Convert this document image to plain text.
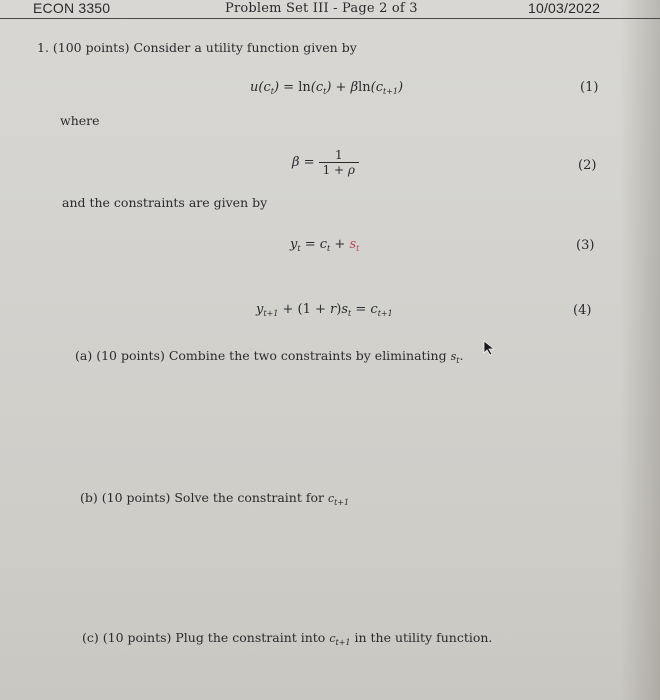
ECON 3350	Problem Set III - Page 2 of 3	10/03/2022
1. (100 points) Consider a utility function given by
$u(c_t) = \ln(c_t) + \beta\ln(c_{t+1})$	(1)
where
$\beta = \frac{1}{1 + \rho}$	(2)
and the constraints are given by
$y_t = c_t + s_t$	(3)
$y_{t+1} + (1 + r)s_t = c_{t+1}$	(4)
(a) (10 points) Combine the two constraints by eliminating $s_t$.
(b) (10 points) Solve the constraint for $c_{t+1}$
(c) (10 points) Plug the constraint into $c_{t+1}$ in the utility function.
